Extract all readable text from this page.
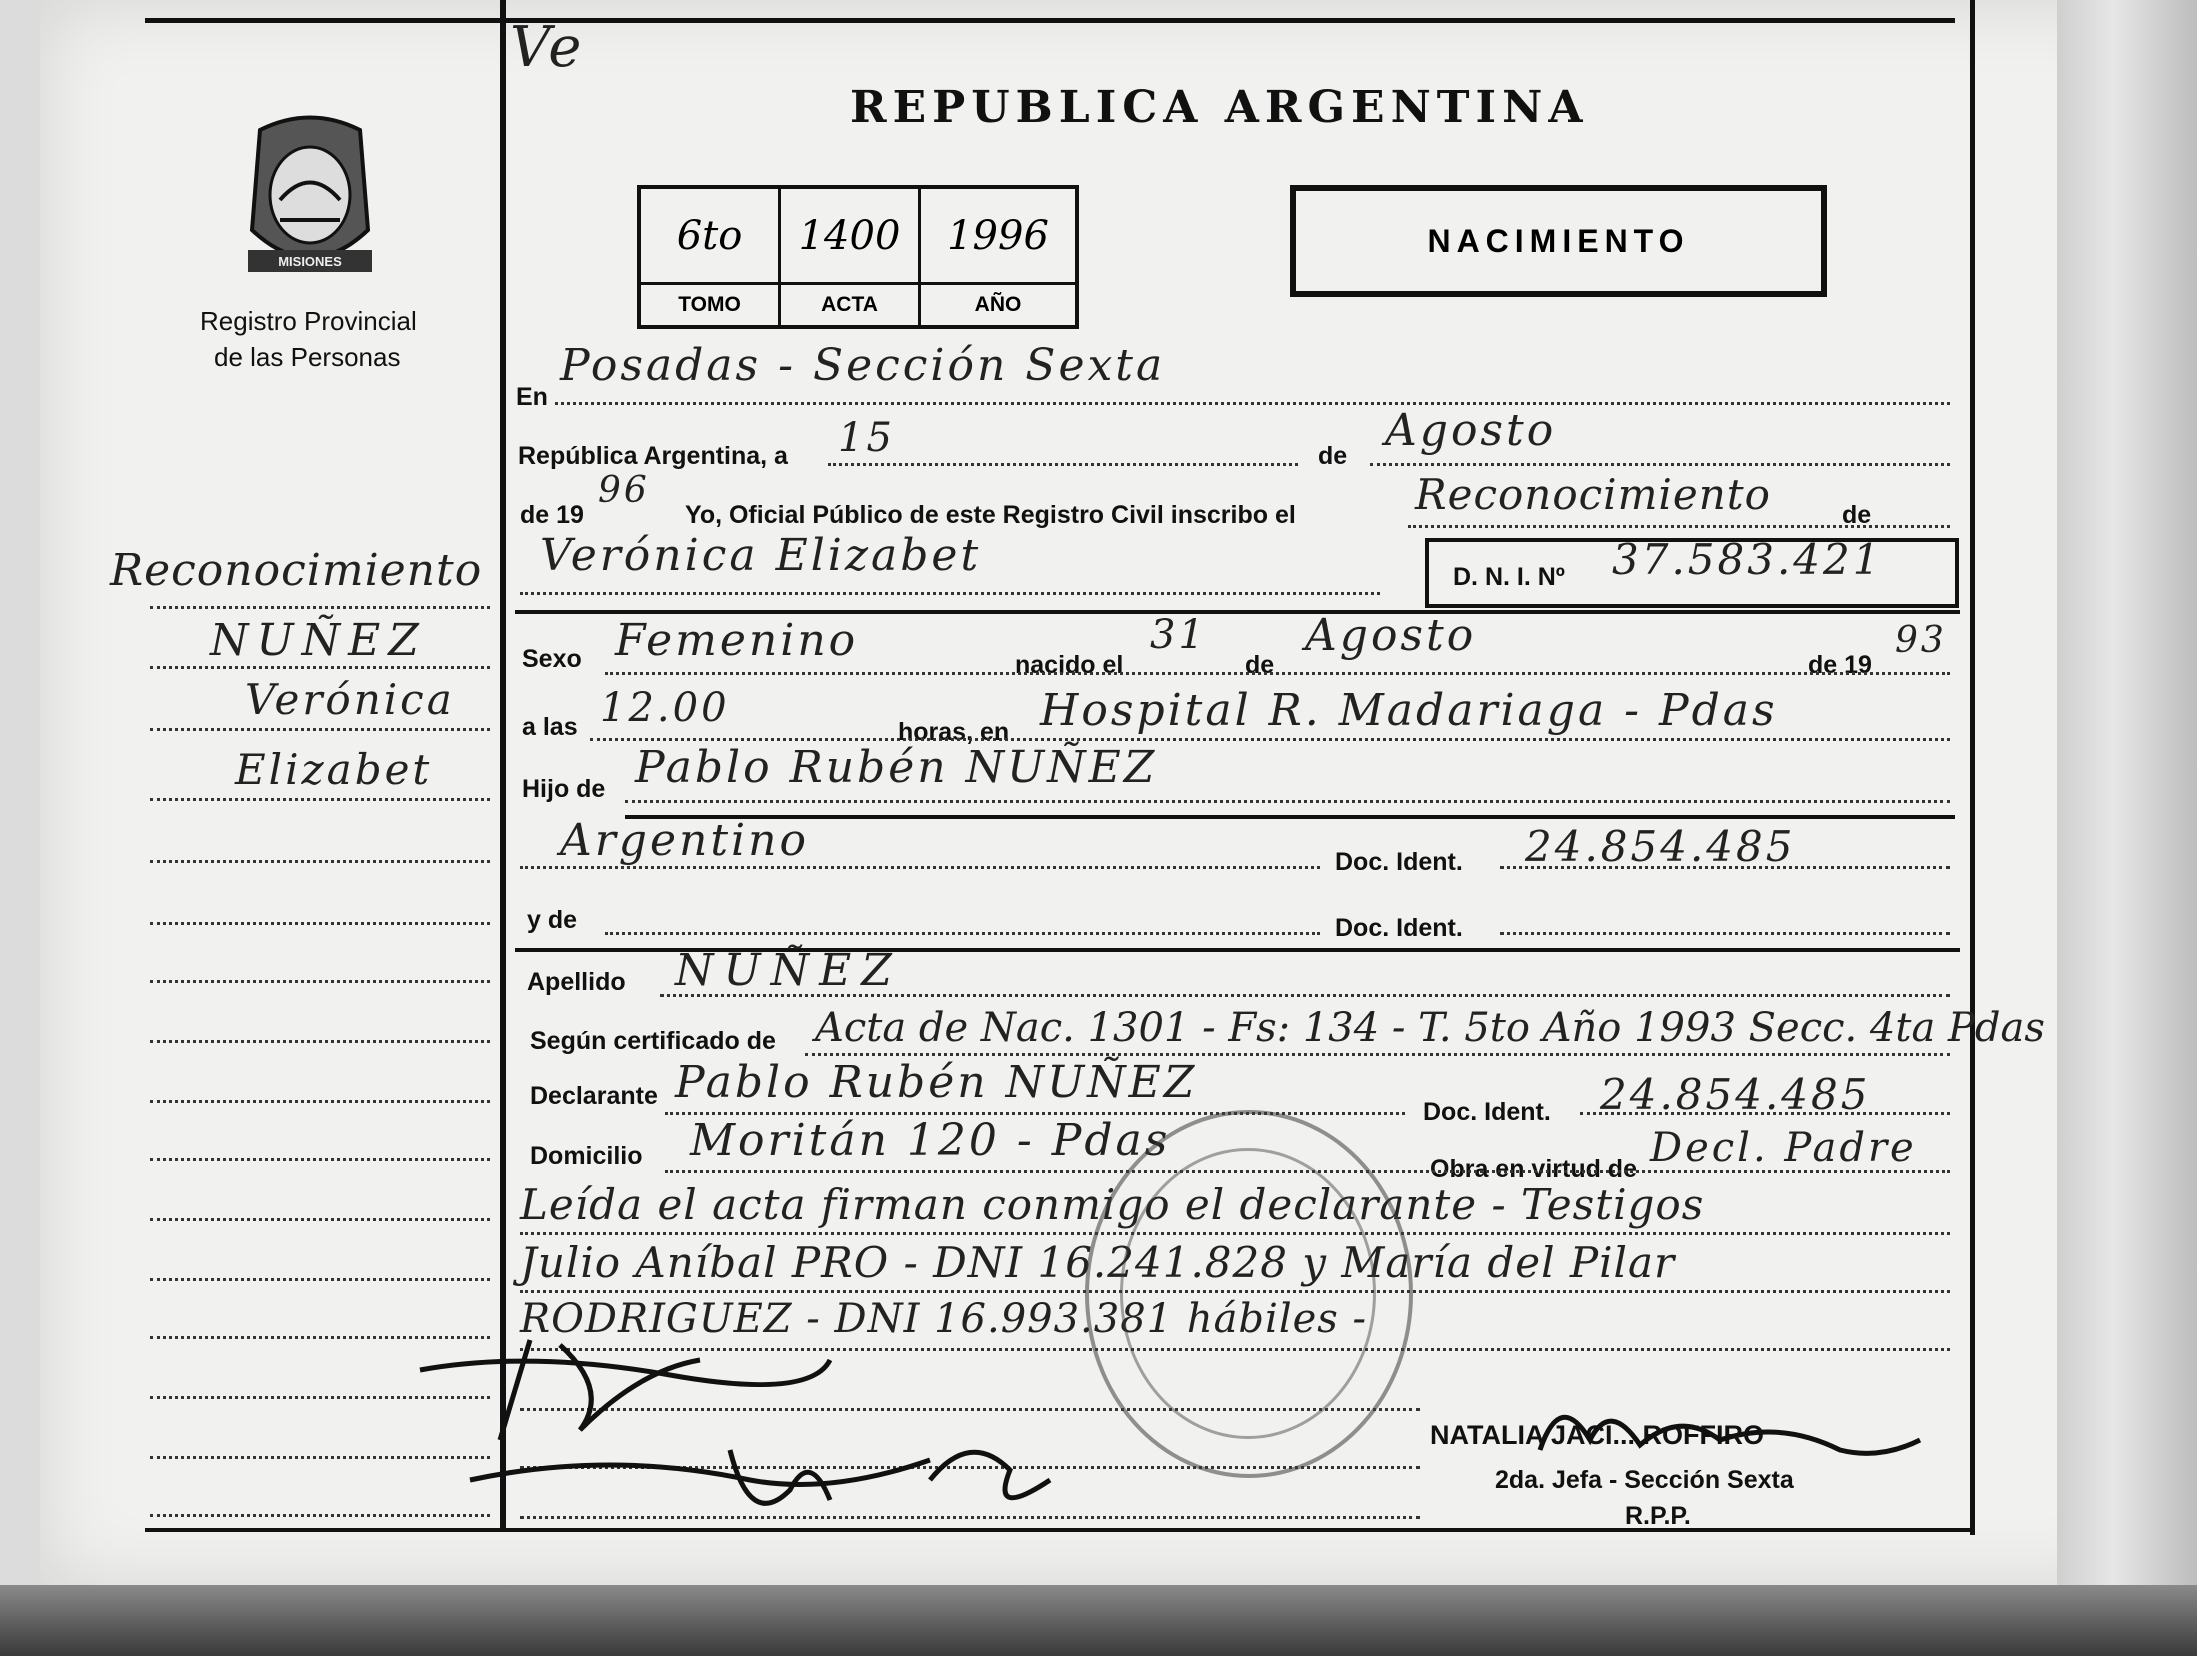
Ve
MISIONES
Registro Provincial
de las Personas
Reconocimiento
NUÑEZ
Verónica
Elizabet
REPUBLICA ARGENTINA
6to	1400	1996
TOMO	ACTA	AÑO
NACIMIENTO
En
Posadas - Sección Sexta
República Argentina, a 15	de Agosto
de 19
96
Yo, Oficial Público de este Registro Civil inscribo el	Reconocimiento	de
Verónica Elizabet	D. N. I. Nº 37.583.421
Sexo Femenino	nacido el
31
de
Agosto
de 19
93
a las 12.00
horas, en Hospital R. Madariaga - Pdas
Hijo de Pablo Rubén NUÑEZ
Argentino	Doc. Ident. 24.854.485
y de	Doc. Ident.
Apellido NUÑEZ
Según certificado de Acta de Nac. 1301 - Fs: 134 - T. 5to Año 1993 Secc. 4ta Pdas
Declarante Pablo Rubén NUÑEZ
Doc. Ident. 24.854.485
Domicilio Moritán 120 - Pdas
Obra en virtud de Decl. Padre
Leída el acta firman conmigo el declarante - Testigos
Julio Aníbal PRO - DNI 16.241.828 y María del Pilar
RODRIGUEZ - DNI 16.993.381 hábiles -
NATALIA JACI... ROFFIRO
2da. Jefa - Sección Sexta
R.P.P.
